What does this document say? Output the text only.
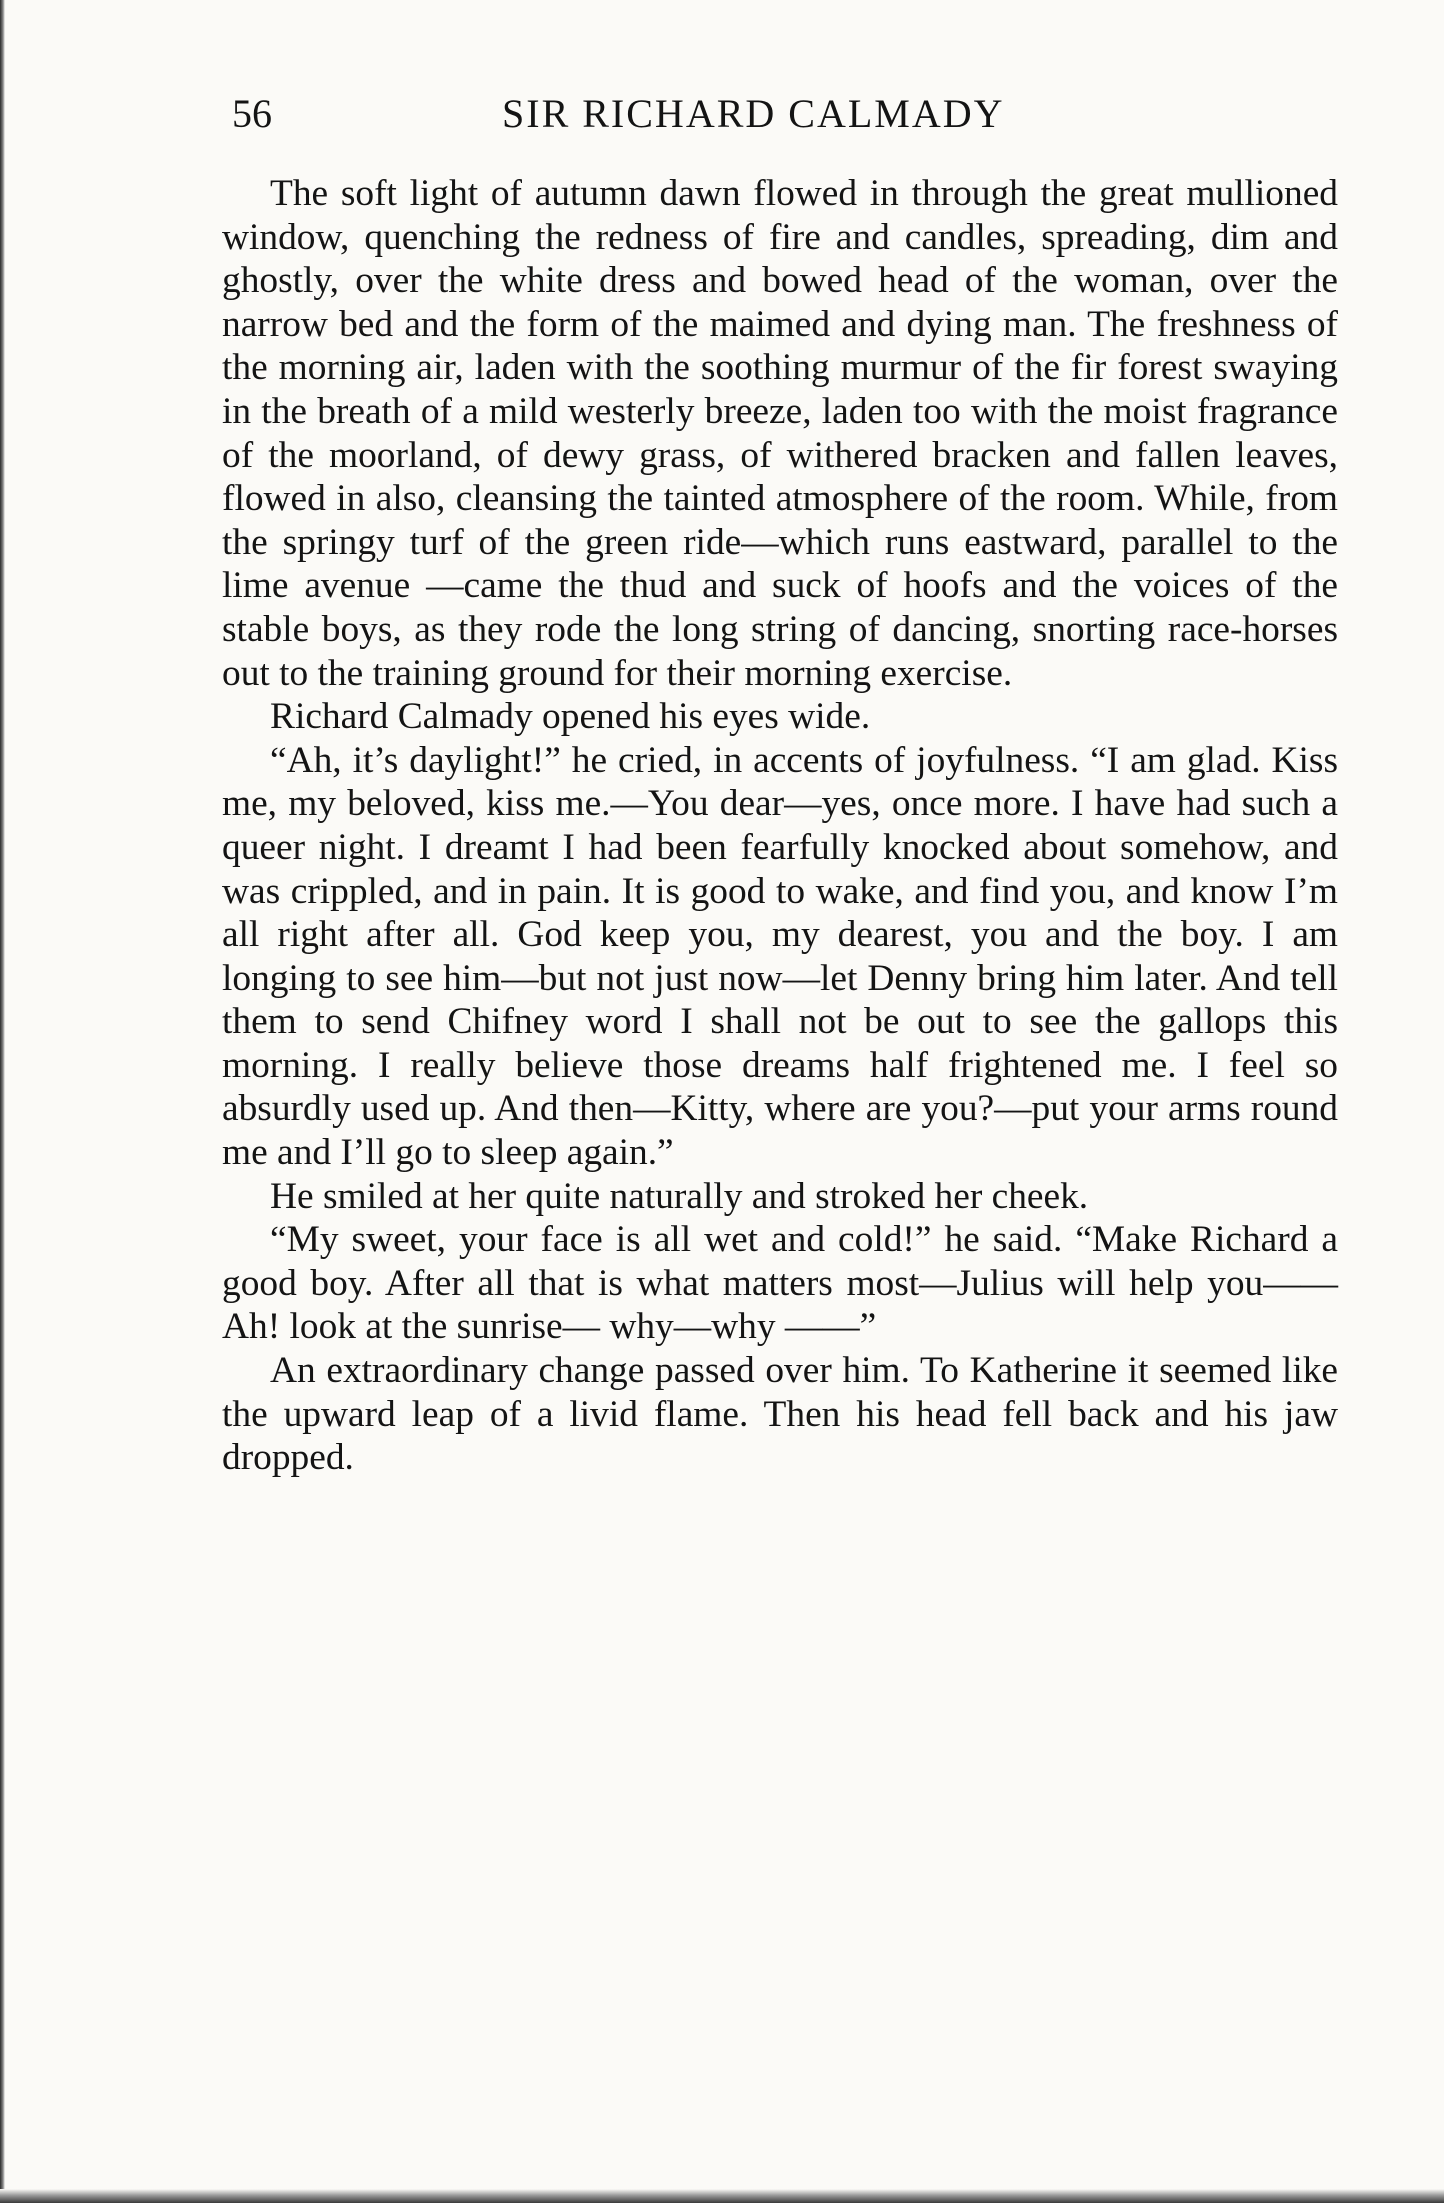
56	SIR RICHARD CALMADY

The soft light of autumn dawn flowed in through the great mullioned window, quenching the redness of fire and candles, spreading, dim and ghostly, over the white dress and bowed head of the woman, over the narrow bed and the form of the maimed and dying man. The freshness of the morning air, laden with the soothing murmur of the fir forest swaying in the breath of a mild westerly breeze, laden too with the moist fragrance of the moorland, of dewy grass, of withered bracken and fallen leaves, flowed in also, cleansing the tainted atmosphere of the room. While, from the springy turf of the green ride—which runs eastward, parallel to the lime avenue —came the thud and suck of hoofs and the voices of the stable boys, as they rode the long string of dancing, snorting race-horses out to the training ground for their morning exercise.

Richard Calmady opened his eyes wide.

“Ah, it’s daylight!” he cried, in accents of joyfulness. “I am glad. Kiss me, my beloved, kiss me.—You dear—yes, once more. I have had such a queer night. I dreamt I had been fearfully knocked about somehow, and was crippled, and in pain. It is good to wake, and find you, and know I’m all right after all. God keep you, my dearest, you and the boy. I am longing to see him—but not just now—let Denny bring him later. And tell them to send Chifney word I shall not be out to see the gallops this morning. I really believe those dreams half frightened me. I feel so absurdly used up. And then—Kitty, where are you?—put your arms round me and I’ll go to sleep again.”

He smiled at her quite naturally and stroked her cheek.

“My sweet, your face is all wet and cold!” he said. “Make Richard a good boy. After all that is what matters most—Julius will help you—— Ah! look at the sunrise— why—why ——”

An extraordinary change passed over him. To Katherine it seemed like the upward leap of a livid flame. Then his head fell back and his jaw dropped.
